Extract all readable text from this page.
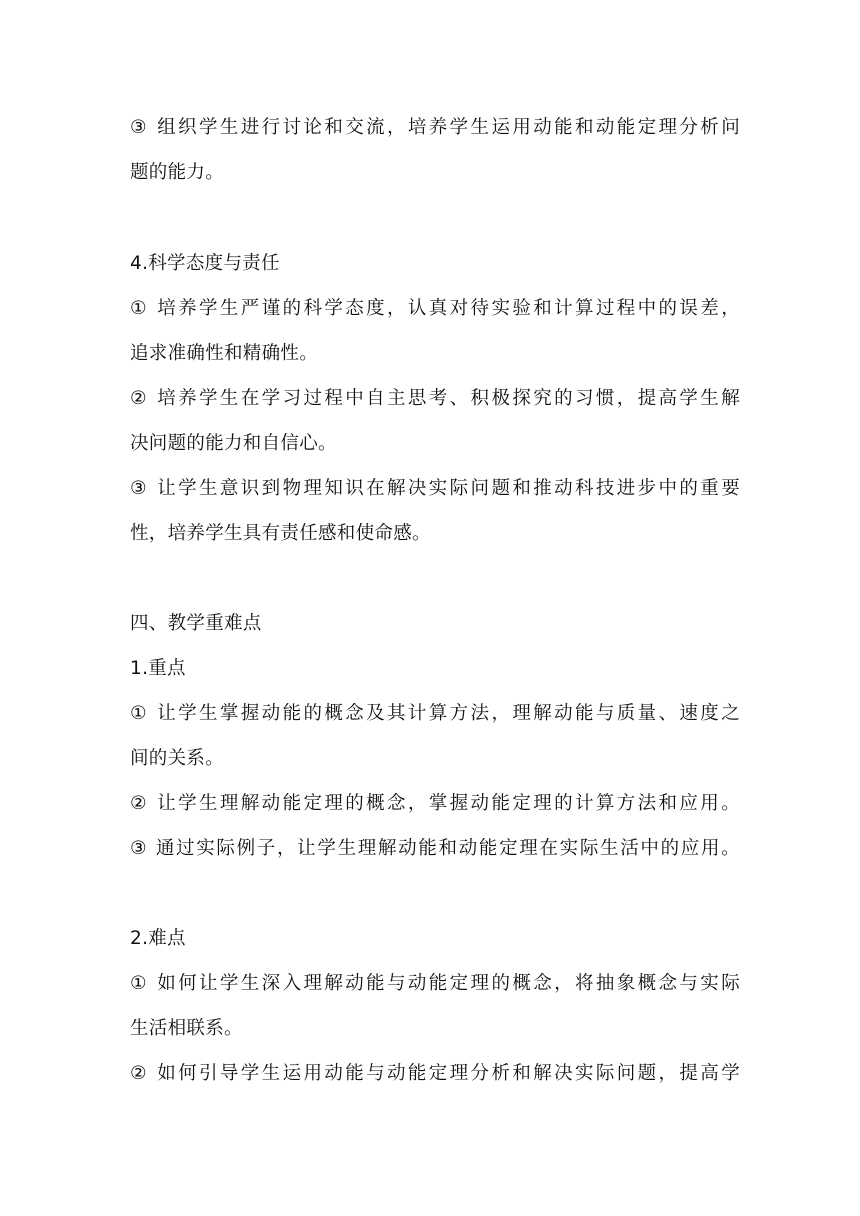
③ 组织学生进行讨论和交流，培养学生运用动能和动能定理分析问
题的能力。
4.科学态度与责任
① 培养学生严谨的科学态度，认真对待实验和计算过程中的误差，
追求准确性和精确性。
② 培养学生在学习过程中自主思考、积极探究的习惯，提高学生解
决问题的能力和自信心。
③ 让学生意识到物理知识在解决实际问题和推动科技进步中的重要
性，培养学生具有责任感和使命感。
四、教学重难点
1.重点
① 让学生掌握动能的概念及其计算方法，理解动能与质量、速度之
间的关系。
② 让学生理解动能定理的概念，掌握动能定理的计算方法和应用。
③ 通过实际例子，让学生理解动能和动能定理在实际生活中的应用。
2.难点
① 如何让学生深入理解动能与动能定理的概念，将抽象概念与实际
生活相联系。
② 如何引导学生运用动能与动能定理分析和解决实际问题，提高学
